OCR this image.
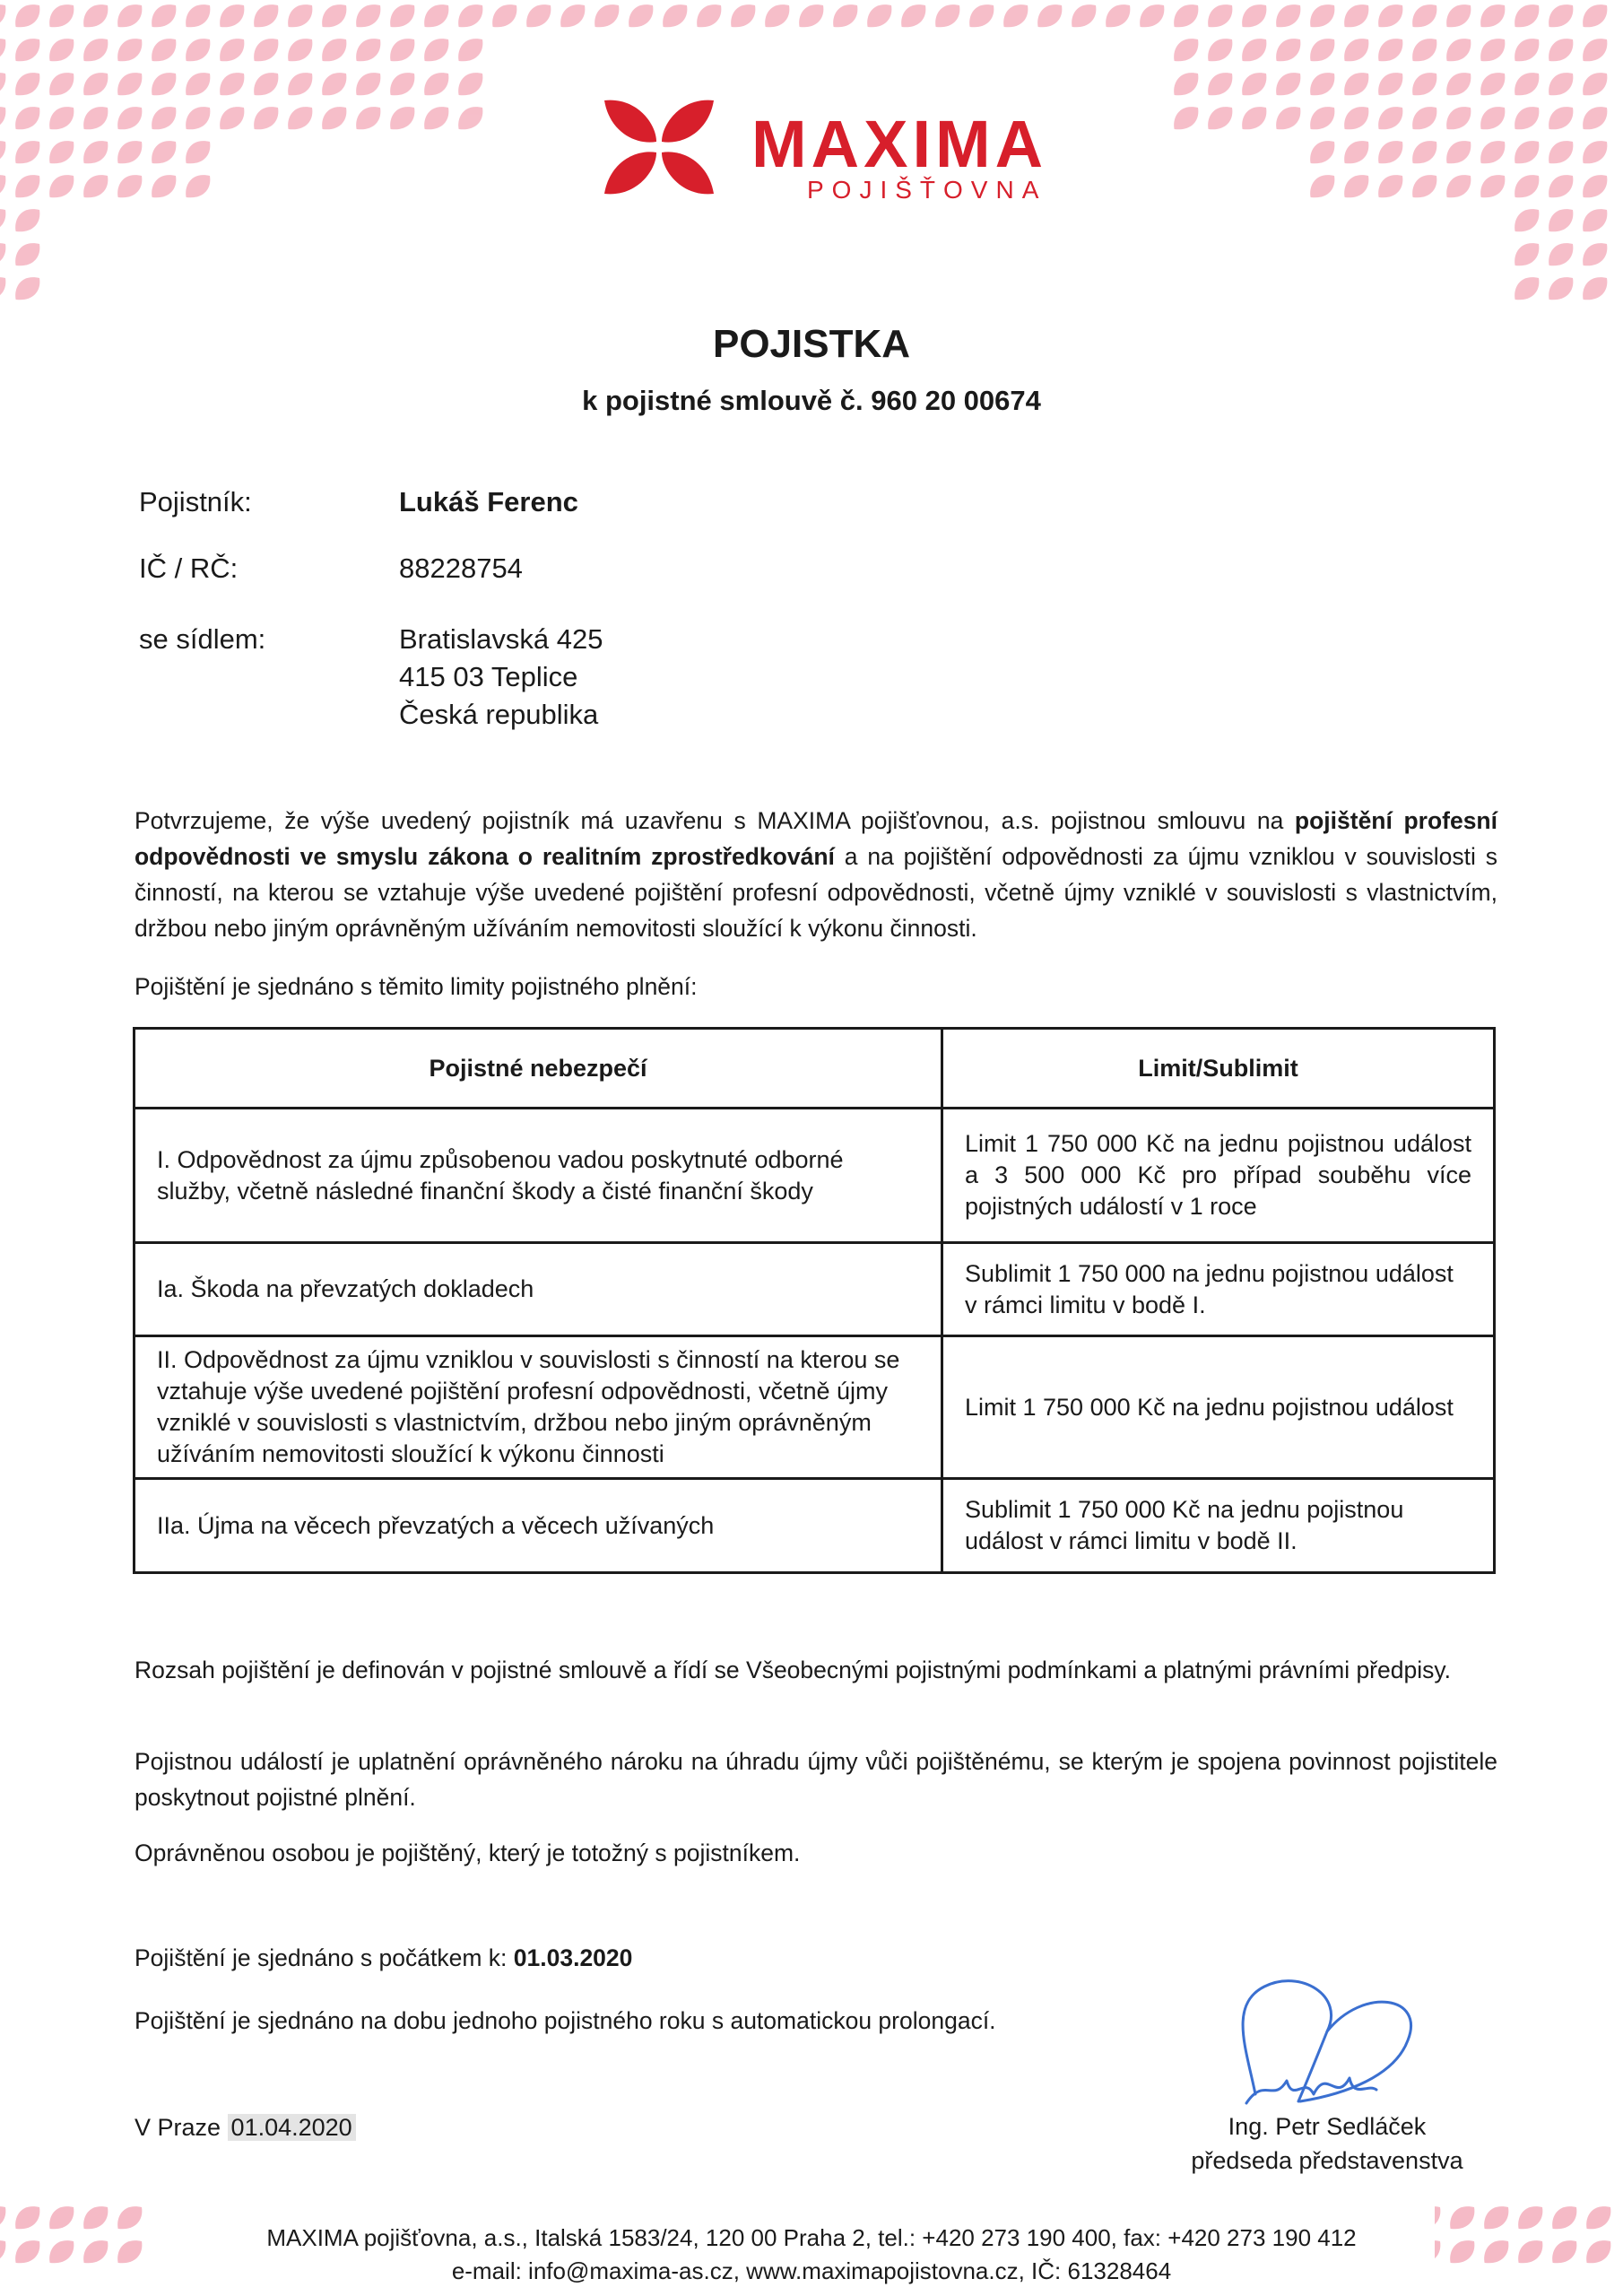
MAXIMA
POJIŠŤOVNA
POJISTKA
k pojistné smlouvě č. 960 20 00674
Pojistník:	Lukáš Ferenc
IČ / RČ:	88228754
se sídlem:	Bratislavská 425
415 03 Teplice
Česká republika
Potvrzujeme, že výše uvedený pojistník má uzavřenu s MAXIMA pojišťovnou, a.s. pojistnou smlouvu na pojištění profesní odpovědnosti ve smyslu zákona o realitním zprostředkování a na pojištění odpovědnosti za újmu vzniklou v souvislosti s činností, na kterou se vztahuje výše uvedené pojištění profesní odpovědnosti, včetně újmy vzniklé v souvislosti s vlastnictvím, držbou nebo jiným oprávněným užíváním nemovitosti sloužící k výkonu činnosti.
Pojištění je sjednáno s těmito limity pojistného plnění:
Pojistné nebezpečí	Limit/Sublimit
I. Odpovědnost za újmu způsobenou vadou poskytnuté odborné služby, včetně následné finanční škody a čisté finanční škody	Limit 1 750 000 Kč na jednu pojistnou událost a 3 500 000 Kč pro případ souběhu více pojistných událostí v 1 roce
Ia. Škoda na převzatých dokladech	Sublimit 1 750 000 na jednu pojistnou událost v rámci limitu v bodě I.
II. Odpovědnost za újmu vzniklou v souvislosti s činností na kterou se vztahuje výše uvedené pojištění profesní odpovědnosti, včetně újmy vzniklé v souvislosti s vlastnictvím, držbou nebo jiným oprávněným užíváním nemovitosti sloužící k výkonu činnosti	Limit 1 750 000 Kč na jednu pojistnou událost
IIa. Újma na věcech převzatých a věcech užívaných	Sublimit 1 750 000 Kč na jednu pojistnou událost v rámci limitu v bodě II.
Rozsah pojištění je definován v pojistné smlouvě a řídí se Všeobecnými pojistnými podmínkami a platnými právními předpisy.
Pojistnou událostí je uplatnění oprávněného nároku na úhradu újmy vůči pojištěnému, se kterým je spojena povinnost pojistitele poskytnout pojistné plnění.
Oprávněnou osobou je pojištěný, který je totožný s pojistníkem.
Pojištění je sjednáno s počátkem k: 01.03.2020
Pojištění je sjednáno na dobu jednoho pojistného roku s automatickou prolongací.
V Praze 01.04.2020	Ing. Petr Sedláček
předseda představenstva
MAXIMA pojišťovna, a.s., Italská 1583/24, 120 00 Praha 2, tel.: +420 273 190 400, fax: +420 273 190 412
e-mail: info@maxima-as.cz, www.maximapojistovna.cz, IČ: 61328464
